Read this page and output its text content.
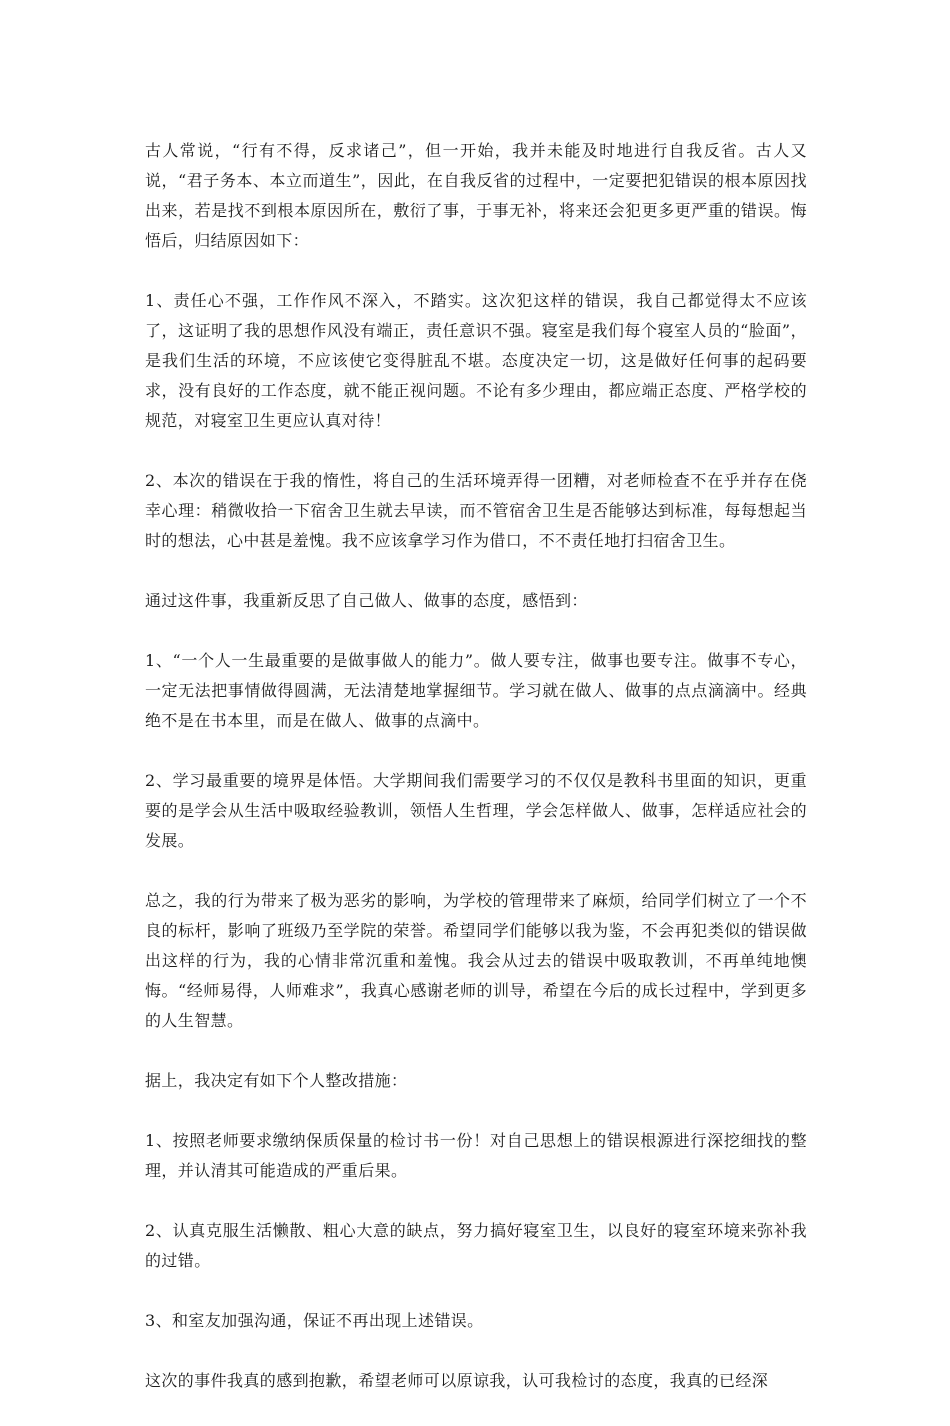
古人常说，“行有不得，反求诸己”，但一开始，我并未能及时地进行自我反省。古人又说，“君子务本、本立而道生”，因此，在自我反省的过程中，一定要把犯错误的根本原因找出来，若是找不到根本原因所在，敷衍了事，于事无补，将来还会犯更多更严重的错误。悔悟后，归结原因如下：

1、责任心不强，工作作风不深入，不踏实。这次犯这样的错误，我自己都觉得太不应该了，这证明了我的思想作风没有端正，责任意识不强。寝室是我们每个寝室人员的“脸面”，是我们生活的环境，不应该使它变得脏乱不堪。态度决定一切，这是做好任何事的起码要求，没有良好的工作态度，就不能正视问题。不论有多少理由，都应端正态度、严格学校的规范，对寝室卫生更应认真对待！

2、本次的错误在于我的惰性，将自己的生活环境弄得一团糟，对老师检查不在乎并存在侥幸心理：稍微收拾一下宿舍卫生就去早读，而不管宿舍卫生是否能够达到标准，每每想起当时的想法，心中甚是羞愧。我不应该拿学习作为借口，不不责任地打扫宿舍卫生。

通过这件事，我重新反思了自己做人、做事的态度，感悟到：

1、“一个人一生最重要的是做事做人的能力”。做人要专注，做事也要专注。做事不专心，一定无法把事情做得圆满，无法清楚地掌握细节。学习就在做人、做事的点点滴滴中。经典绝不是在书本里，而是在做人、做事的点滴中。

2、学习最重要的境界是体悟。大学期间我们需要学习的不仅仅是教科书里面的知识，更重要的是学会从生活中吸取经验教训，领悟人生哲理，学会怎样做人、做事，怎样适应社会的发展。

总之，我的行为带来了极为恶劣的影响，为学校的管理带来了麻烦，给同学们树立了一个不良的标杆，影响了班级乃至学院的荣誉。希望同学们能够以我为鉴，不会再犯类似的错误做出这样的行为，我的心情非常沉重和羞愧。我会从过去的错误中吸取教训，不再单纯地懊悔。“经师易得，人师难求”，我真心感谢老师的训导，希望在今后的成长过程中，学到更多的人生智慧。

据上，我决定有如下个人整改措施：

1、按照老师要求缴纳保质保量的检讨书一份！对自己思想上的错误根源进行深挖细找的整理，并认清其可能造成的严重后果。

2、认真克服生活懒散、粗心大意的缺点，努力搞好寝室卫生，以良好的寝室环境来弥补我的过错。

3、和室友加强沟通，保证不再出现上述错误。

这次的事件我真的感到抱歉，希望老师可以原谅我，认可我检讨的态度，我真的已经深
